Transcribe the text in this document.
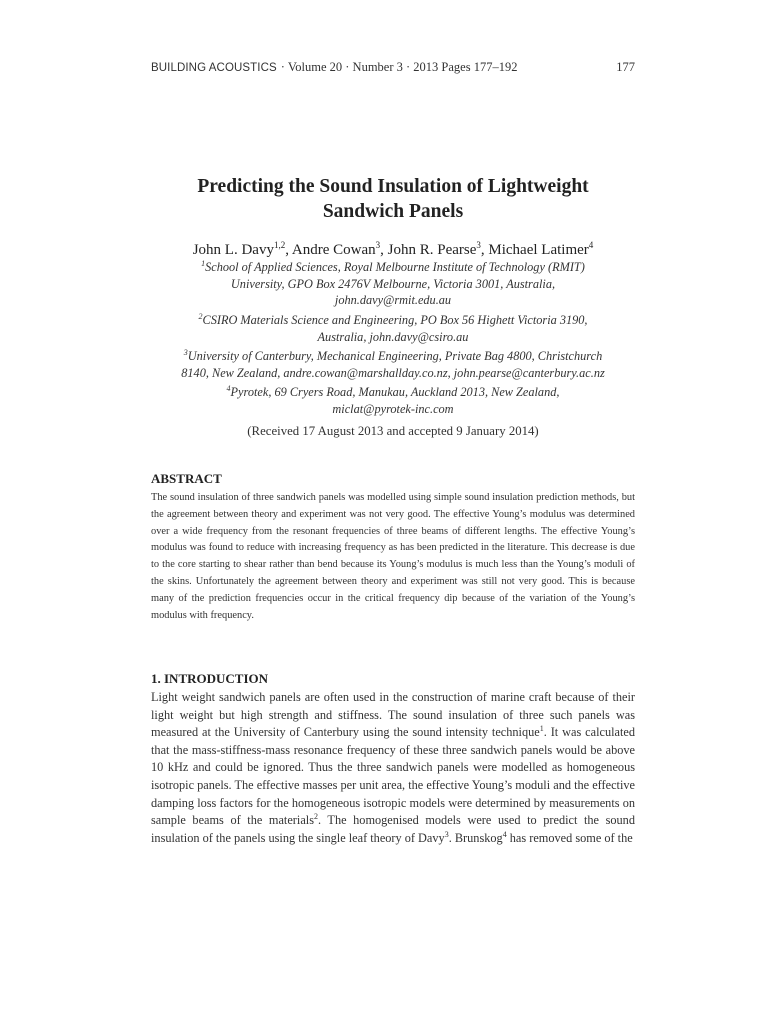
BUILDING ACOUSTICS · Volume 20 · Number 3 · 2013 Pages 177–192	177
Predicting the Sound Insulation of Lightweight
Sandwich Panels
John L. Davy$^{1,2}$, Andre Cowan$^3$, John R. Pearse$^3$, Michael Latimer$^4$
$^1$School of Applied Sciences, Royal Melbourne Institute of Technology (RMIT)
University, GPO Box 2476V Melbourne, Victoria 3001, Australia,
john.davy@rmit.edu.au
$^2$CSIRO Materials Science and Engineering, PO Box 56 Highett Victoria 3190,
Australia, john.davy@csiro.au
$^3$University of Canterbury, Mechanical Engineering, Private Bag 4800, Christchurch
8140, New Zealand, andre.cowan@marshallday.co.nz, john.pearse@canterbury.ac.nz
$^4$Pyrotek, 69 Cryers Road, Manukau, Auckland 2013, New Zealand,
miclat@pyrotek-inc.com
(Received 17 August 2013 and accepted 9 January 2014)
ABSTRACT
The sound insulation of three sandwich panels was modelled using simple sound insulation prediction methods, but the agreement between theory and experiment was not very good. The effective Young’s modulus was determined over a wide frequency from the resonant frequencies of three beams of different lengths. The effective Young’s modulus was found to reduce with increasing frequency as has been predicted in the literature. This decrease is due to the core starting to shear rather than bend because its Young’s modulus is much less than the Young’s moduli of the skins. Unfortunately the agreement between theory and experiment was still not very good. This is because many of the prediction frequencies occur in the critical frequency dip because of the variation of the Young’s modulus with frequency.
1. INTRODUCTION
Light weight sandwich panels are often used in the construction of marine craft because of their light weight but high strength and stiffness. The sound insulation of three such panels was measured at the University of Canterbury using the sound intensity technique$^1$. It was calculated that the mass-stiffness-mass resonance frequency of these three sandwich panels would be above 10 kHz and could be ignored. Thus the three sandwich panels were modelled as homogeneous isotropic panels. The effective masses per unit area, the effective Young’s moduli and the effective damping loss factors for the homogeneous isotropic models were determined by measurements on sample beams of the materials$^2$. The homogenised models were used to predict the sound insulation of the panels using the single leaf theory of Davy$^3$. Brunskog$^4$ has removed some of the
